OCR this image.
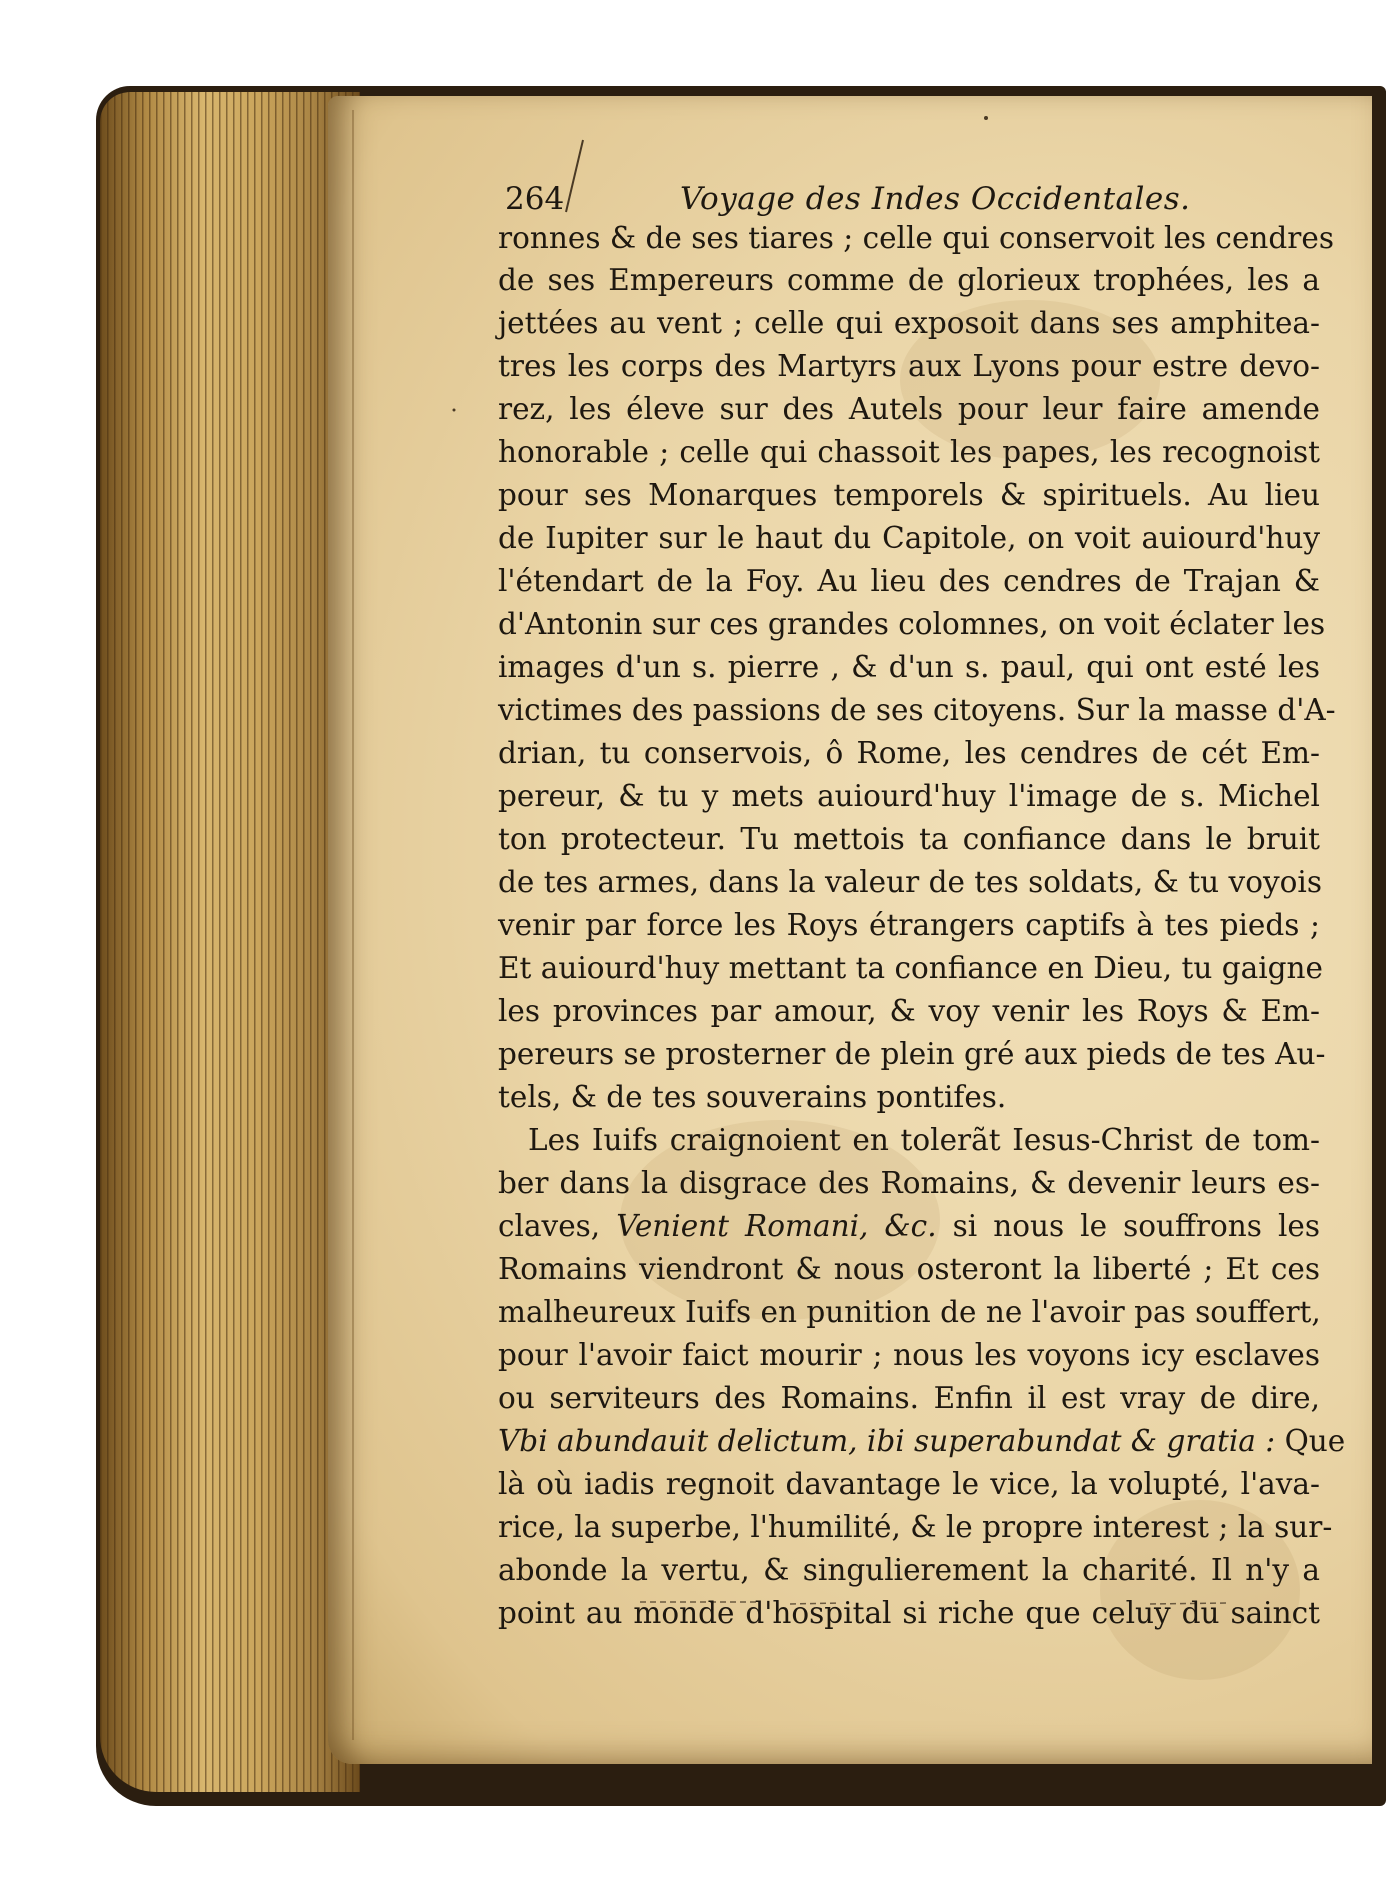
264	Voyage des Indes Occidentales.
ronnes & de ses tiares ; celle qui conservoit les cendres
de ses Empereurs comme de glorieux trophées, les a
jettées au vent ; celle qui exposoit dans ses amphitea-
tres les corps des Martyrs aux Lyons pour estre devo-
rez, les éleve sur des Autels pour leur faire amende
honorable ; celle qui chassoit les papes, les recognoist
pour ses Monarques temporels & spirituels. Au lieu
de Iupiter sur le haut du Capitole, on voit auiourd'huy
l'étendart de la Foy. Au lieu des cendres de Trajan &
d'Antonin sur ces grandes colomnes, on voit éclater les
images d'un s. pierre , & d'un s. paul, qui ont esté les
victimes des passions de ses citoyens. Sur la masse d'A-
drian, tu conservois, ô Rome, les cendres de cét Em-
pereur, & tu y mets auiourd'huy l'image de s. Michel
ton protecteur. Tu mettois ta confiance dans le bruit
de tes armes, dans la valeur de tes soldats, & tu voyois
venir par force les Roys étrangers captifs à tes pieds ;
Et auiourd'huy mettant ta confiance en Dieu, tu gaigne
les provinces par amour, & voy venir les Roys & Em-
pereurs se prosterner de plein gré aux pieds de tes Au-
tels, & de tes souverains pontifes.
Les Iuifs craignoient en tolerãt Iesus-Christ de tom-
ber dans la disgrace des Romains, & devenir leurs es-
claves, Venient Romani, &c. si nous le souffrons les
Romains viendront & nous osteront la liberté ; Et ces
malheureux Iuifs en punition de ne l'avoir pas souffert,
pour l'avoir faict mourir ; nous les voyons icy esclaves
ou serviteurs des Romains. Enfin il est vray de dire,
Vbi abundauit delictum, ibi superabundat & gratia : Que
là où iadis regnoit davantage le vice, la volupté, l'ava-
rice, la superbe, l'humilité, & le propre interest ; la sur-
abonde la vertu, & singulierement la charité. Il n'y a
point au monde d'hospital si riche que celuy du sainct
